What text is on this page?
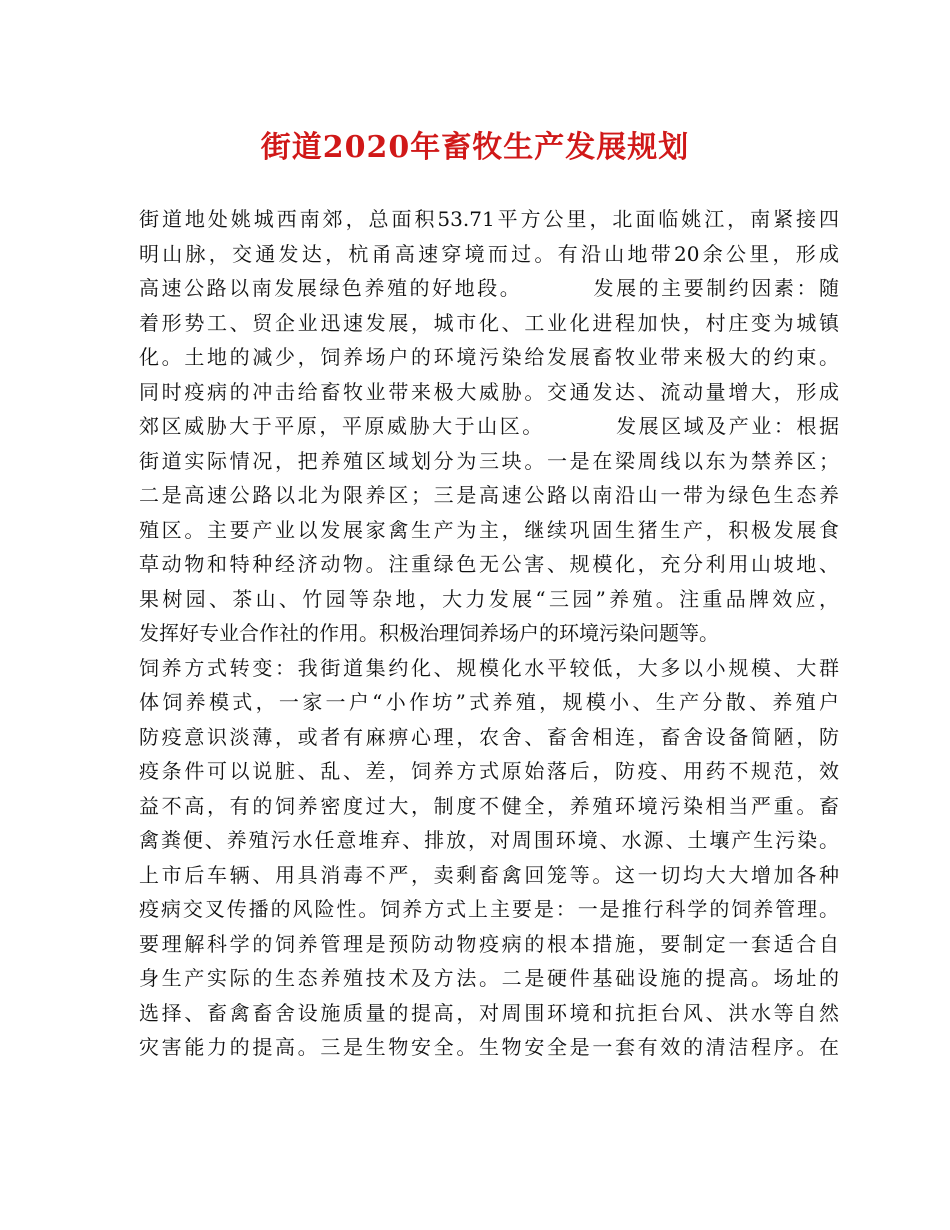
街道2020年畜牧生产发展规划
街道地处姚城西南郊，总面积53.71平方公里，北面临姚江，南紧接四
明山脉，交通发达，杭甬高速穿境而过。有沿山地带20余公里，形成
高速公路以南发展绿色养殖的好地段。        发展的主要制约因素：随
着形势工、贸企业迅速发展，城市化、工业化进程加快，村庄变为城镇
化。土地的减少，饲养场户的环境污染给发展畜牧业带来极大的约束。
同时疫病的冲击给畜牧业带来极大威胁。交通发达、流动量增大，形成
郊区威胁大于平原，平原威胁大于山区。        发展区域及产业：根据
街道实际情况，把养殖区域划分为三块。一是在梁周线以东为禁养区；
二是高速公路以北为限养区；三是高速公路以南沿山一带为绿色生态养
殖区。主要产业以发展家禽生产为主，继续巩固生猪生产，积极发展食
草动物和特种经济动物。注重绿色无公害、规模化，充分利用山坡地、
果树园、茶山、竹园等杂地，大力发展“三园”养殖。注重品牌效应，
发挥好专业合作社的作用。积极治理饲养场户的环境污染问题等。
饲养方式转变：我街道集约化、规模化水平较低，大多以小规模、大群
体饲养模式，一家一户“小作坊”式养殖，规模小、生产分散、养殖户
防疫意识淡薄，或者有麻痹心理，农舍、畜舍相连，畜舍设备简陋，防
疫条件可以说脏、乱、差，饲养方式原始落后，防疫、用药不规范，效
益不高，有的饲养密度过大，制度不健全，养殖环境污染相当严重。畜
禽粪便、养殖污水任意堆弃、排放，对周围环境、水源、土壤产生污染。
上市后车辆、用具消毒不严，卖剩畜禽回笼等。这一切均大大增加各种
疫病交叉传播的风险性。饲养方式上主要是：一是推行科学的饲养管理。
要理解科学的饲养管理是预防动物疫病的根本措施，要制定一套适合自
身生产实际的生态养殖技术及方法。二是硬件基础设施的提高。场址的
选择、畜禽畜舍设施质量的提高，对周围环境和抗拒台风、洪水等自然
灾害能力的提高。三是生物安全。生物安全是一套有效的清洁程序。在
